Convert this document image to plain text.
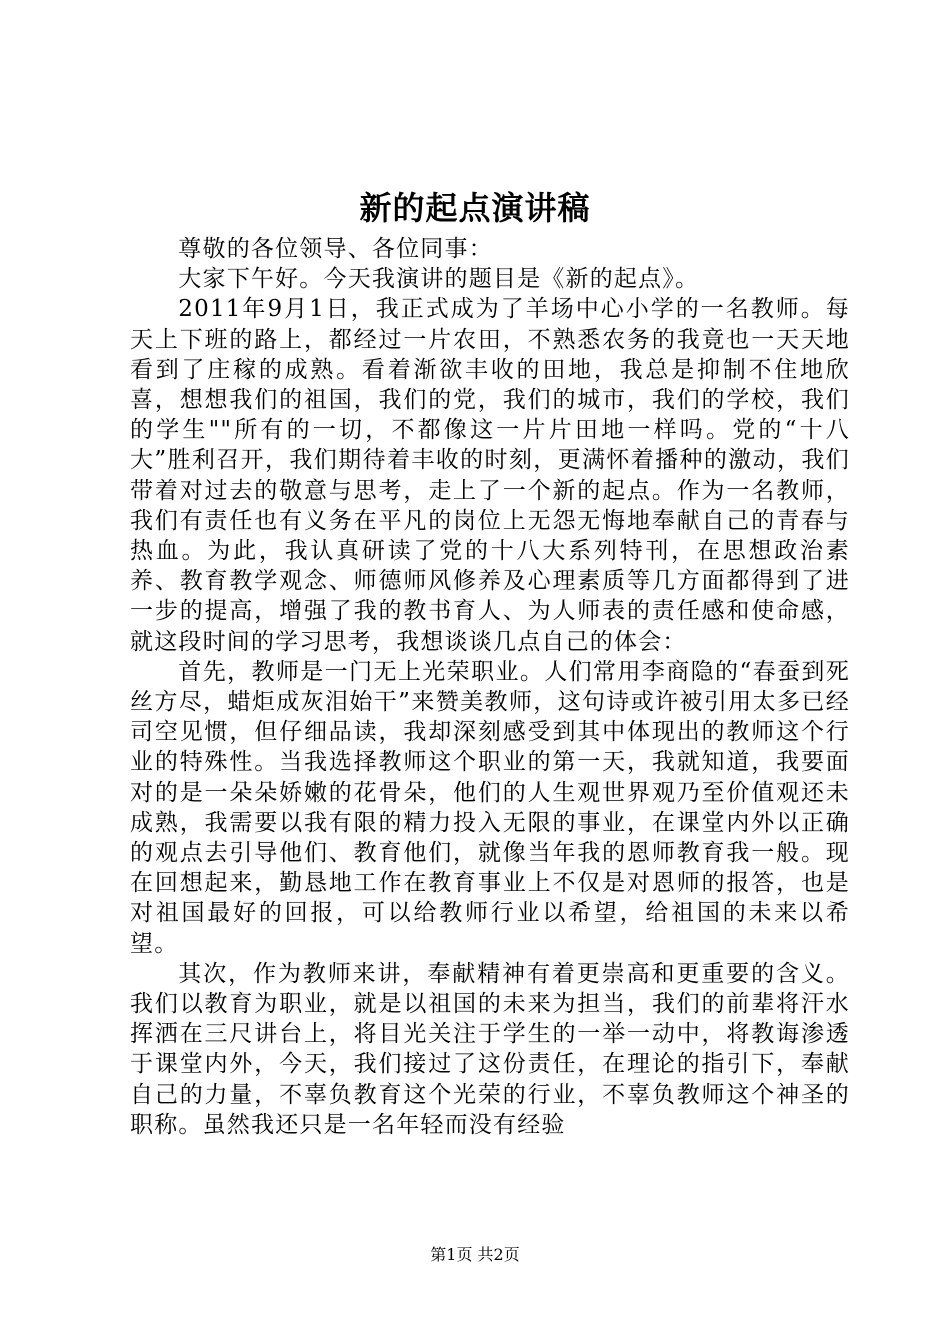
新的起点演讲稿

尊敬的各位领导、各位同事：

大家下午好。今天我演讲的题目是《新的起点》。

2011年9月1日，我正式成为了羊场中心小学的一名教师。每天上下班的路上，都经过一片农田，不熟悉农务的我竟也一天天地看到了庄稼的成熟。看着渐欲丰收的田地，我总是抑制不住地欣喜，想想我们的祖国，我们的党，我们的城市，我们的学校，我们的学生""所有的一切，不都像这一片片田地一样吗。党的“十八大”胜利召开，我们期待着丰收的时刻，更满怀着播种的激动，我们带着对过去的敬意与思考，走上了一个新的起点。作为一名教师，我们有责任也有义务在平凡的岗位上无怨无悔地奉献自己的青春与热血。为此，我认真研读了党的十八大系列特刊，在思想政治素养、教育教学观念、师德师风修养及心理素质等几方面都得到了进一步的提高，增强了我的教书育人、为人师表的责任感和使命感，就这段时间的学习思考，我想谈谈几点自己的体会：

首先，教师是一门无上光荣职业。人们常用李商隐的“春蚕到死丝方尽，蜡炬成灰泪始干”来赞美教师，这句诗或许被引用太多已经司空见惯，但仔细品读，我却深刻感受到其中体现出的教师这个行业的特殊性。当我选择教师这个职业的第一天，我就知道，我要面对的是一朵朵娇嫩的花骨朵，他们的人生观世界观乃至价值观还未成熟，我需要以我有限的精力投入无限的事业，在课堂内外以正确的观点去引导他们、教育他们，就像当年我的恩师教育我一般。现在回想起来，勤恳地工作在教育事业上不仅是对恩师的报答，也是对祖国最好的回报，可以给教师行业以希望，给祖国的未来以希望。

其次，作为教师来讲，奉献精神有着更崇高和更重要的含义。我们以教育为职业，就是以祖国的未来为担当，我们的前辈将汗水挥洒在三尺讲台上，将目光关注于学生的一举一动中，将教诲渗透于课堂内外，今天，我们接过了这份责任，在理论的指引下，奉献自己的力量，不辜负教育这个光荣的行业，不辜负教师这个神圣的职称。虽然我还只是一名年轻而没有经验

第1页 共2页
